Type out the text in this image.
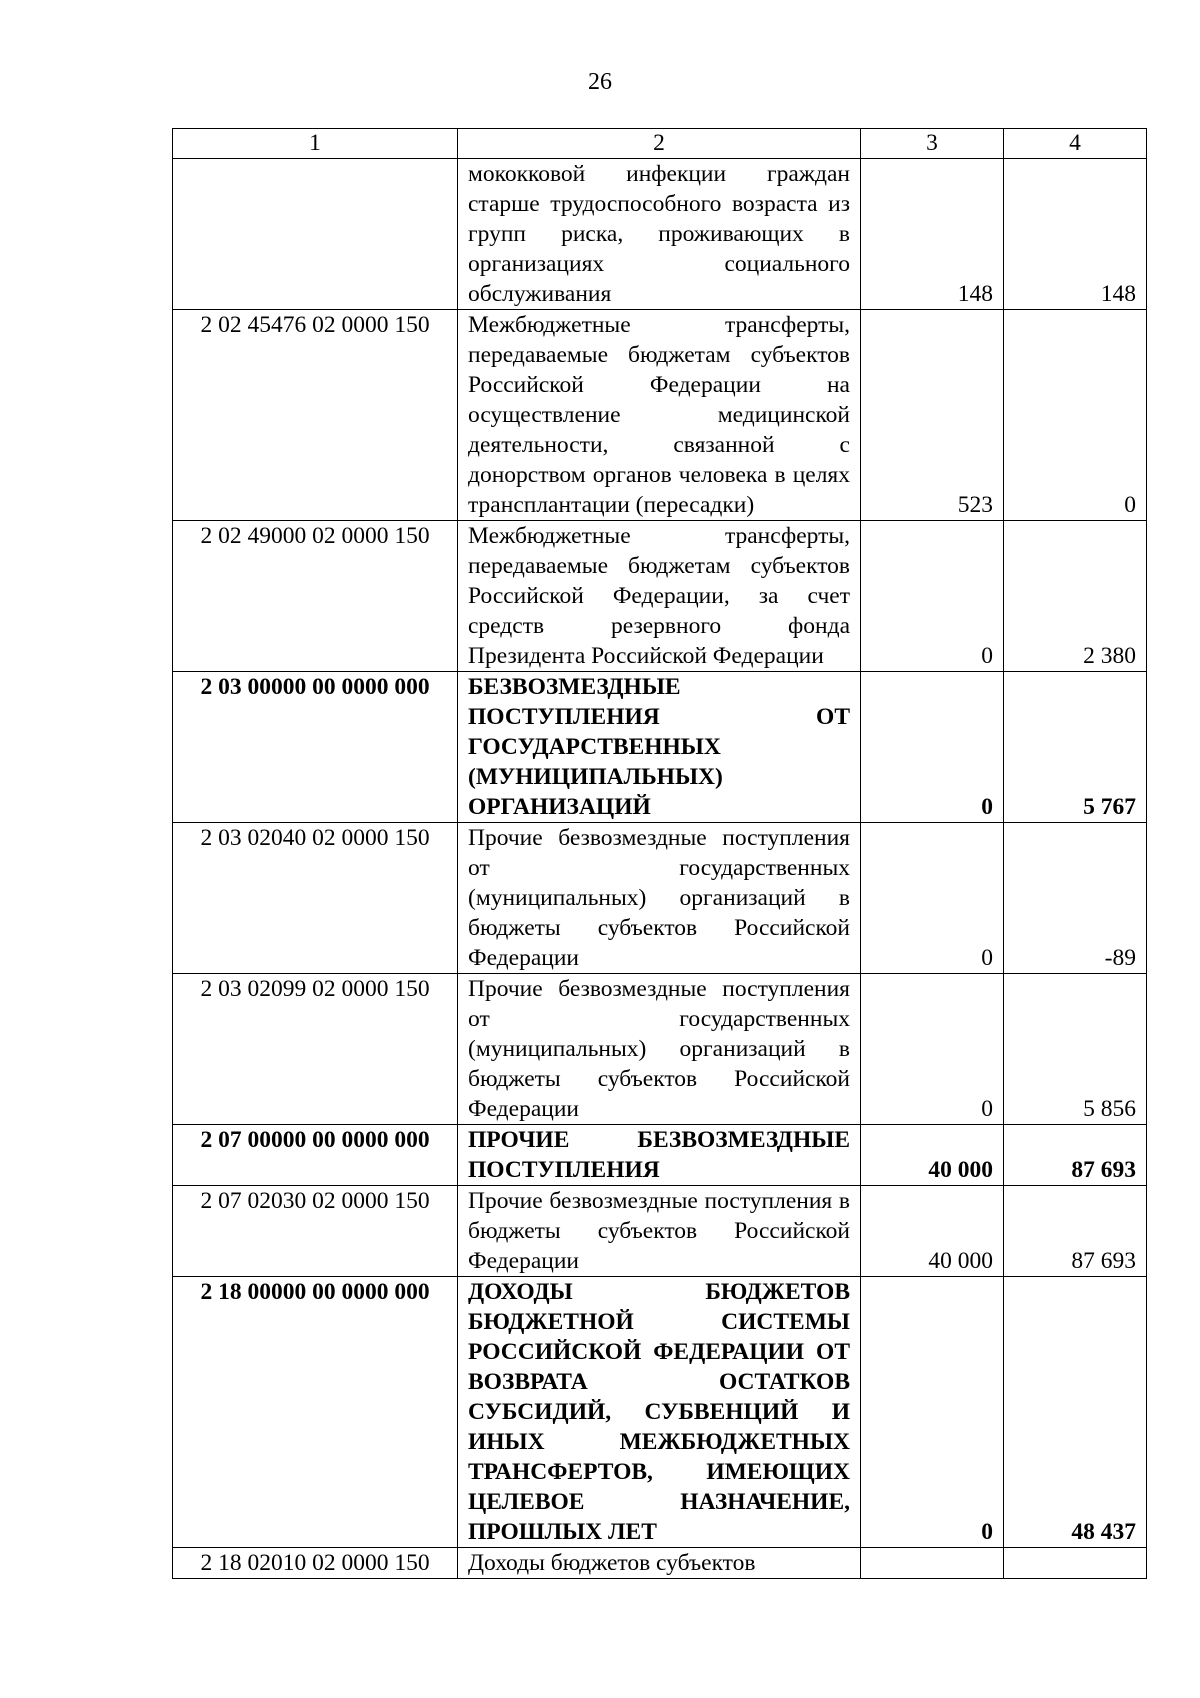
26
1	2	3	4
	мококковой инфекции граждан старше трудоспособного возраста из групп риска, проживающих в организациях социального обслуживания	148	148
2 02 45476 02 0000 150	Межбюджетные трансферты, передаваемые бюджетам субъектов Российской Федерации на осуществление медицинской деятельности, связанной с донорством органов человека в целях трансплантации (пересадки)	523	0
2 02 49000 02 0000 150	Межбюджетные трансферты, передаваемые бюджетам субъектов Российской Федерации, за счет средств резервного фонда Президента Российской Федерации	0	2 380
2 03 00000 00 0000 000	БЕЗВОЗМЕЗДНЫЕ ПОСТУПЛЕНИЯ ОТ ГОСУДАРСТВЕННЫХ (МУНИЦИПАЛЬНЫХ) ОРГАНИЗАЦИЙ	0	5 767
2 03 02040 02 0000 150	Прочие безвозмездные поступления от государственных (муниципальных) организаций в бюджеты субъектов Российской Федерации	0	-89
2 03 02099 02 0000 150	Прочие безвозмездные поступления от государственных (муниципальных) организаций в бюджеты субъектов Российской Федерации	0	5 856
2 07 00000 00 0000 000	ПРОЧИЕ БЕЗВОЗМЕЗДНЫЕ ПОСТУПЛЕНИЯ	40 000	87 693
2 07 02030 02 0000 150	Прочие безвозмездные поступления в бюджеты субъектов Российской Федерации	40 000	87 693
2 18 00000 00 0000 000	ДОХОДЫ БЮДЖЕТОВ БЮДЖЕТНОЙ СИСТЕМЫ РОССИЙСКОЙ ФЕДЕРАЦИИ ОТ ВОЗВРАТА ОСТАТКОВ СУБСИДИЙ, СУБВЕНЦИЙ И ИНЫХ МЕЖБЮДЖЕТНЫХ ТРАНСФЕРТОВ, ИМЕЮЩИХ ЦЕЛЕВОЕ НАЗНАЧЕНИЕ, ПРОШЛЫХ ЛЕТ	0	48 437
2 18 02010 02 0000 150	Доходы бюджетов субъектов		
